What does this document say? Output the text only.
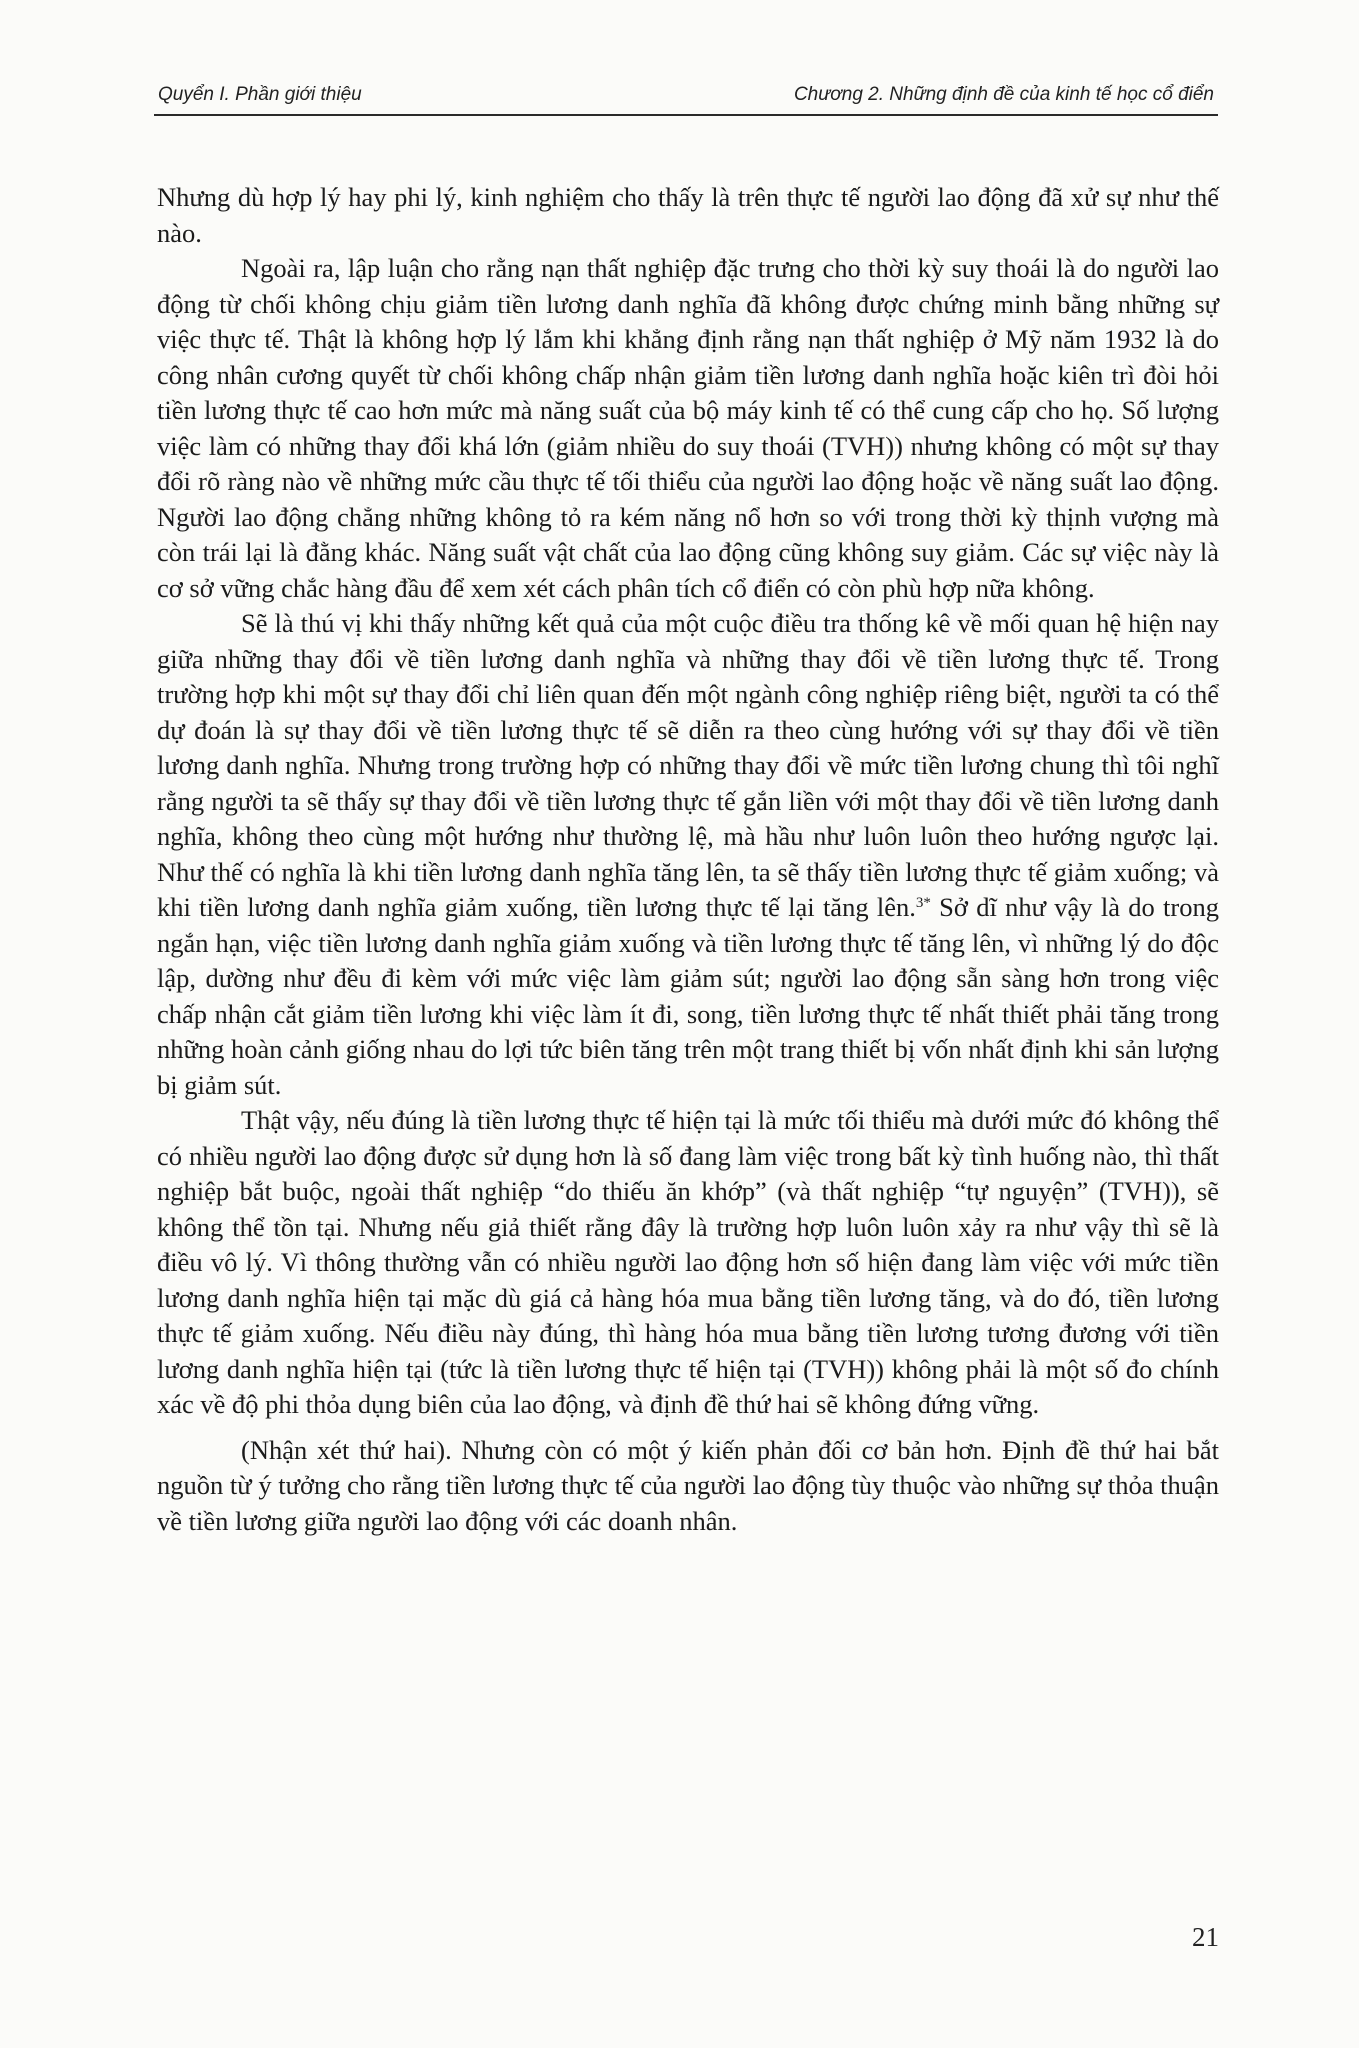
Quyển I. Phần giới thiệu	Chương 2. Những định đề của kinh tế học cổ điển

Nhưng dù hợp lý hay phi lý, kinh nghiệm cho thấy là trên thực tế người lao động đã xử sự như thế nào.

Ngoài ra, lập luận cho rằng nạn thất nghiệp đặc trưng cho thời kỳ suy thoái là do người lao động từ chối không chịu giảm tiền lương danh nghĩa đã không được chứng minh bằng những sự việc thực tế. Thật là không hợp lý lắm khi khẳng định rằng nạn thất nghiệp ở Mỹ năm 1932 là do công nhân cương quyết từ chối không chấp nhận giảm tiền lương danh nghĩa hoặc kiên trì đòi hỏi tiền lương thực tế cao hơn mức mà năng suất của bộ máy kinh tế có thể cung cấp cho họ. Số lượng việc làm có những thay đổi khá lớn (giảm nhiều do suy thoái (TVH)) nhưng không có một sự thay đổi rõ ràng nào về những mức cầu thực tế tối thiểu của người lao động hoặc về năng suất lao động. Người lao động chẳng những không tỏ ra kém năng nổ hơn so với trong thời kỳ thịnh vượng mà còn trái lại là đằng khác. Năng suất vật chất của lao động cũng không suy giảm. Các sự việc này là cơ sở vững chắc hàng đầu để xem xét cách phân tích cổ điển có còn phù hợp nữa không.

Sẽ là thú vị khi thấy những kết quả của một cuộc điều tra thống kê về mối quan hệ hiện nay giữa những thay đổi về tiền lương danh nghĩa và những thay đổi về tiền lương thực tế. Trong trường hợp khi một sự thay đổi chỉ liên quan đến một ngành công nghiệp riêng biệt, người ta có thể dự đoán là sự thay đổi về tiền lương thực tế sẽ diễn ra theo cùng hướng với sự thay đổi về tiền lương danh nghĩa. Nhưng trong trường hợp có những thay đổi về mức tiền lương chung thì tôi nghĩ rằng người ta sẽ thấy sự thay đổi về tiền lương thực tế gắn liền với một thay đổi về tiền lương danh nghĩa, không theo cùng một hướng như thường lệ, mà hầu như luôn luôn theo hướng ngược lại. Như thế có nghĩa là khi tiền lương danh nghĩa tăng lên, ta sẽ thấy tiền lương thực tế giảm xuống; và khi tiền lương danh nghĩa giảm xuống, tiền lương thực tế lại tăng lên.$^{3*}$ Sở dĩ như vậy là do trong ngắn hạn, việc tiền lương danh nghĩa giảm xuống và tiền lương thực tế tăng lên, vì những lý do độc lập, dường như đều đi kèm với mức việc làm giảm sút; người lao động sẵn sàng hơn trong việc chấp nhận cắt giảm tiền lương khi việc làm ít đi, song, tiền lương thực tế nhất thiết phải tăng trong những hoàn cảnh giống nhau do lợi tức biên tăng trên một trang thiết bị vốn nhất định khi sản lượng bị giảm sút.

Thật vậy, nếu đúng là tiền lương thực tế hiện tại là mức tối thiểu mà dưới mức đó không thể có nhiều người lao động được sử dụng hơn là số đang làm việc trong bất kỳ tình huống nào, thì thất nghiệp bắt buộc, ngoài thất nghiệp “do thiếu ăn khớp” (và thất nghiệp “tự nguyện” (TVH)), sẽ không thể tồn tại. Nhưng nếu giả thiết rằng đây là trường hợp luôn luôn xảy ra như vậy thì sẽ là điều vô lý. Vì thông thường vẫn có nhiều người lao động hơn số hiện đang làm việc với mức tiền lương danh nghĩa hiện tại mặc dù giá cả hàng hóa mua bằng tiền lương tăng, và do đó, tiền lương thực tế giảm xuống. Nếu điều này đúng, thì hàng hóa mua bằng tiền lương tương đương với tiền lương danh nghĩa hiện tại (tức là tiền lương thực tế hiện tại (TVH)) không phải là một số đo chính xác về độ phi thỏa dụng biên của lao động, và định đề thứ hai sẽ không đứng vững.

(Nhận xét thứ hai). Nhưng còn có một ý kiến phản đối cơ bản hơn. Định đề thứ hai bắt nguồn từ ý tưởng cho rằng tiền lương thực tế của người lao động tùy thuộc vào những sự thỏa thuận về tiền lương giữa người lao động với các doanh nhân.

21
